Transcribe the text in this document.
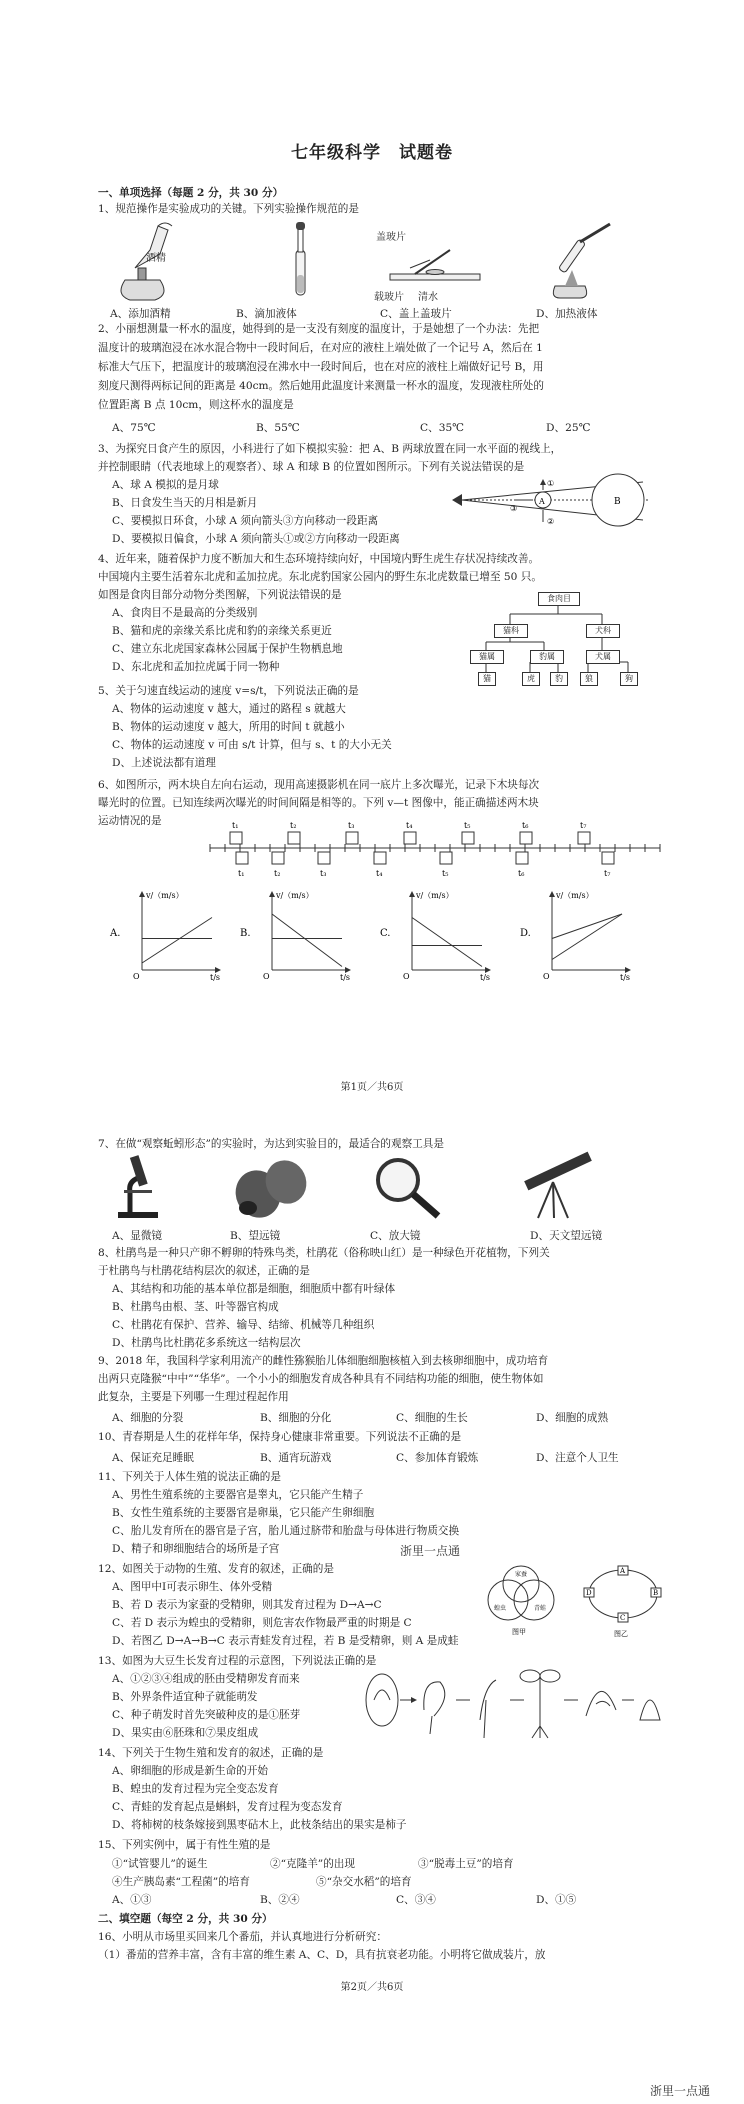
七年级科学　试题卷
一、单项选择（每题 2 分，共 30 分）
1、规范操作是实验成功的关键。下列实验操作规范的是
酒精
盖玻片
载玻片 清水
A、添加酒精	B、滴加液体	C、盖上盖玻片	D、加热液体
2、小丽想测量一杯水的温度，她得到的是一支没有刻度的温度计，于是她想了一个办法：先把
温度计的玻璃泡浸在冰水混合物中一段时间后，在对应的液柱上端处做了一个记号 A，然后在 1
标准大气压下，把温度计的玻璃泡浸在沸水中一段时间后，也在对应的液柱上端做好记号 B，用
刻度尺测得两标记间的距离是 40cm。然后她用此温度计来测量一杯水的温度，发现液柱所处的
位置距离 B 点 10cm，则这杯水的温度是
A、75℃	B、55℃	C、35℃	D、25℃
3、为探究日食产生的原因，小科进行了如下模拟实验：把 A、B 两球放置在同一水平面的视线上，
并控制眼睛（代表地球上的观察者）、球 A 和球 B 的位置如图所示。下列有关说法错误的是
A、球 A 模拟的是月球
B、日食发生当天的月相是新月
C、要模拟日环食，小球 A 须向箭头③方向移动一段距离
D、要模拟日偏食，小球 A 须向箭头①或②方向移动一段距离
A	B
①
②
③
4、近年来，随着保护力度不断加大和生态环境持续向好，中国境内野生虎生存状况持续改善。
中国境内主要生活着东北虎和孟加拉虎。东北虎豹国家公园内的野生东北虎数量已增至 50 只。
如图是食肉目部分动物分类图解，下列说法错误的是
A、食肉目不是最高的分类级别
B、猫和虎的亲缘关系比虎和豹的亲缘关系更近
C、建立东北虎国家森林公园属于保护生物栖息地
D、东北虎和孟加拉虎属于同一物种
食肉目
猫科	犬科
猫属	豹属	犬属
猫	虎	豹	狼	狗
5、关于匀速直线运动的速度 v=s/t，下列说法正确的是
A、物体的运动速度 v 越大，通过的路程 s 就越大
B、物体的运动速度 v 越大，所用的时间 t 就越小
C、物体的运动速度 v 可由 s/t 计算，但与 s、t 的大小无关
D、上述说法都有道理
6、如图所示，两木块自左向右运动，现用高速摄影机在同一底片上多次曝光，记录下木块每次
曝光时的位置。已知连续两次曝光的时间间隔是相等的。下列 v—t 图像中，能正确描述两木块
运动情况的是	t₁	t₂	t₃	t₄	t₅	t₆	t₇
t₁	t₂	t₃	t₄	t₅	t₆	t₇
A.
v/（m/s）
t/s
O
B.
v/（m/s）
t/s
O
C.
v/（m/s）
t/s
O
D.
v/（m/s）
t/s
O
第1页／共6页
7、在做“观察蚯蚓形态”的实验时，为达到实验目的，最适合的观察工具是
A、显微镜	B、望远镜	C、放大镜	D、天文望远镜
8、杜鹃鸟是一种只产卵不孵卵的特殊鸟类，杜鹃花（俗称映山红）是一种绿色开花植物，下列关
于杜鹃鸟与杜鹃花结构层次的叙述，正确的是
A、其结构和功能的基本单位都是细胞，细胞质中都有叶绿体
B、杜鹃鸟由根、茎、叶等器官构成
C、杜鹃花有保护、营养、输导、结缔、机械等几种组织
D、杜鹃鸟比杜鹃花多系统这一结构层次
9、2018 年，我国科学家利用流产的雌性猕猴胎儿体细胞细胞核植入到去核卵细胞中，成功培育
出两只克隆猴“中中”“华华”。一个小小的细胞发育成各种具有不同结构功能的细胞，使生物体如
此复杂，主要是下列哪一生理过程起作用
A、细胞的分裂	B、细胞的分化	C、细胞的生长	D、细胞的成熟
10、青春期是人生的花样年华，保持身心健康非常重要。下列说法不正确的是
A、保证充足睡眠	B、通宵玩游戏	C、参加体育锻炼	D、注意个人卫生
11、下列关于人体生殖的说法正确的是
A、男性生殖系统的主要器官是睾丸，它只能产生精子
B、女性生殖系统的主要器官是卵巢，它只能产生卵细胞
C、胎儿发育所在的器官是子宫，胎儿通过脐带和胎盘与母体进行物质交换
D、精子和卵细胞结合的场所是子宫	浙里一点通
12、如图关于动物的生殖、发育的叙述，正确的是
A、图甲中Ⅰ可表示卵生、体外受精
B、若 D 表示为家蚕的受精卵，则其发育过程为 D→A→C
C、若 D 表示为蝗虫的受精卵，则危害农作物最严重的时期是 C
D、若图乙 D→A→B→C 表示青蛙发育过程，若 B 是受精卵，则 A 是成蛙
家蚕
蝗虫	青蛙
图甲
A
B
C
D
图乙
13、如图为大豆生长发育过程的示意图，下列说法正确的是
A、①②③④组成的胚由受精卵发育而来
B、外界条件适宜种子就能萌发
C、种子萌发时首先突破种皮的是①胚芽
D、果实由⑥胚珠和⑦果皮组成
14、下列关于生物生殖和发育的叙述，正确的是
A、卵细胞的形成是新生命的开始
B、蝗虫的发育过程为完全变态发育
C、青蛙的发育起点是蝌蚪，发育过程为变态发育
D、将柿树的枝条嫁接到黑枣砧木上，此枝条结出的果实是柿子
15、下列实例中，属于有性生殖的是
①“试管婴儿”的诞生	②“克隆羊”的出现	③“脱毒土豆”的培育
④生产胰岛素“工程菌”的培育	⑤“杂交水稻”的培育
A、①③	B、②④	C、③④	D、①⑤
二、填空题（每空 2 分，共 30 分）
16、小明从市场里买回来几个番茄，并认真地进行分析研究：
（1）番茄的营养丰富，含有丰富的维生素 A、C、D，具有抗衰老功能。小明将它做成装片，放
第2页／共6页
浙里一点通
